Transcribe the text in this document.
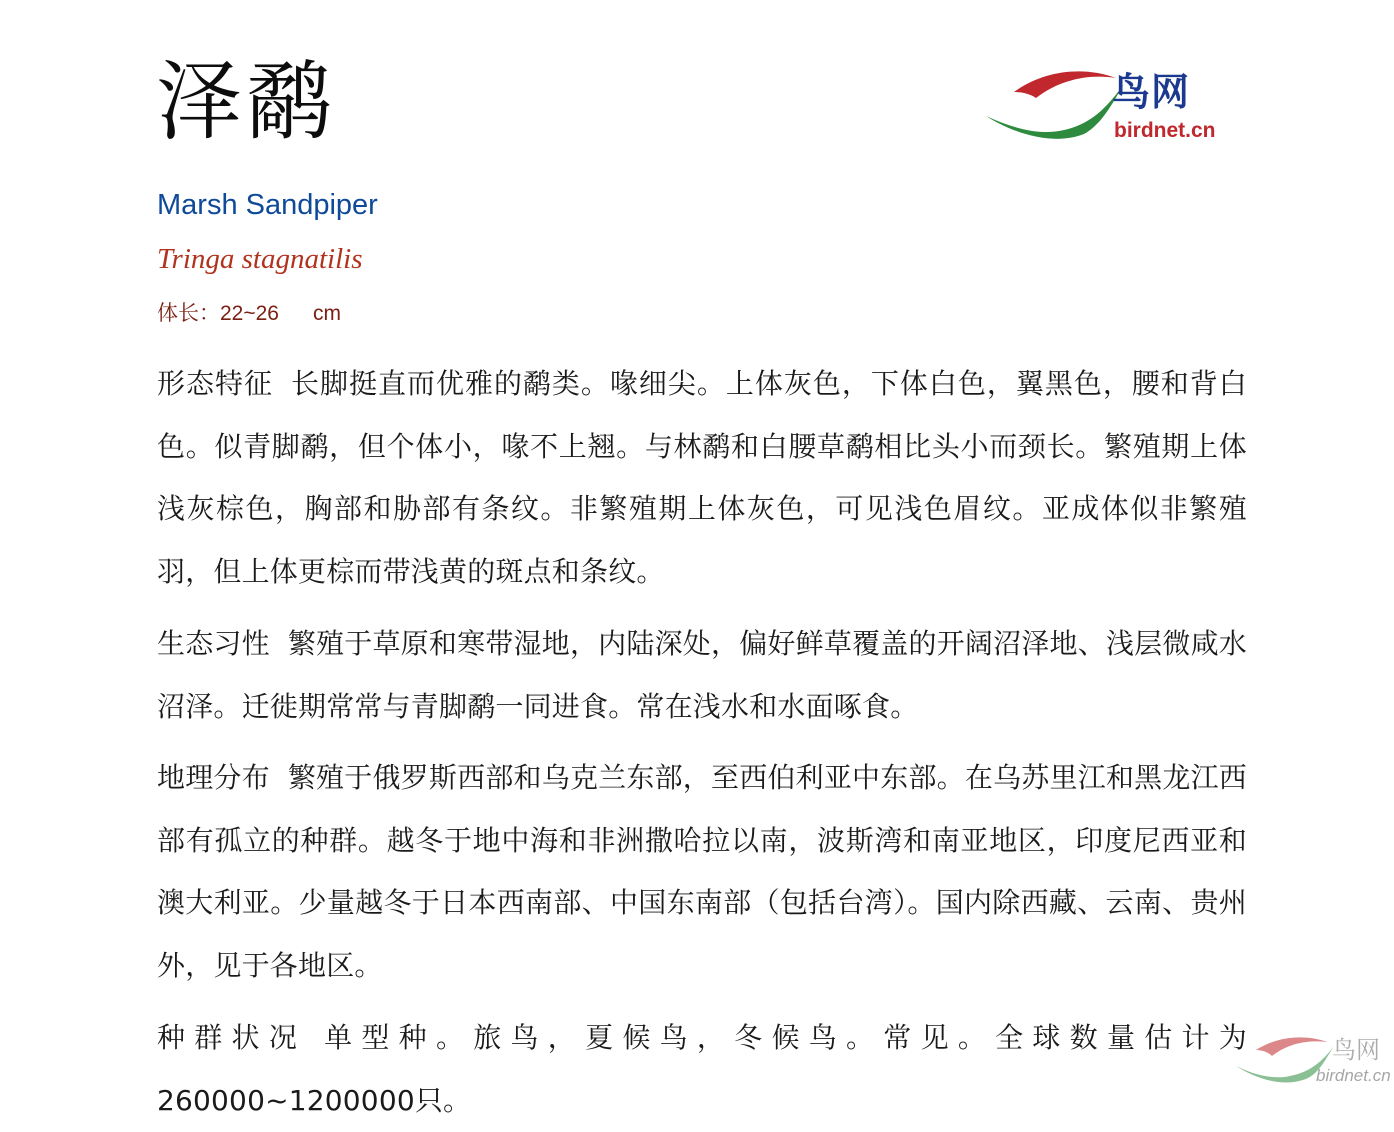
泽鹬	鸟网
birdnet.cn
Marsh Sandpiper
Tringa stagnatilis
体长：22~26 cm
形态特征 长脚挺直而优雅的鹬类。喙细尖。上体灰色，下体白色，翼黑色，腰和背白色。似青脚鹬，但个体小，喙不上翘。与林鹬和白腰草鹬相比头小而颈长。繁殖期上体浅灰棕色，胸部和胁部有条纹。非繁殖期上体灰色，可见浅色眉纹。亚成体似非繁殖羽，但上体更棕而带浅黄的斑点和条纹。
生态习性 繁殖于草原和寒带湿地，内陆深处，偏好鲜草覆盖的开阔沼泽地、浅层微咸水沼泽。迁徙期常常与青脚鹬一同进食。常在浅水和水面啄食。
地理分布 繁殖于俄罗斯西部和乌克兰东部，至西伯利亚中东部。在乌苏里江和黑龙江西部有孤立的种群。越冬于地中海和非洲撒哈拉以南，波斯湾和南亚地区，印度尼西亚和澳大利亚。少量越冬于日本西南部、中国东南部（包括台湾）。国内除西藏、云南、贵州外，见于各地区。
种群状况 单型种。旅鸟，夏候鸟，冬候鸟。常见。全球数量估计为260000~1200000只。
鸟网
birdnet.cn
